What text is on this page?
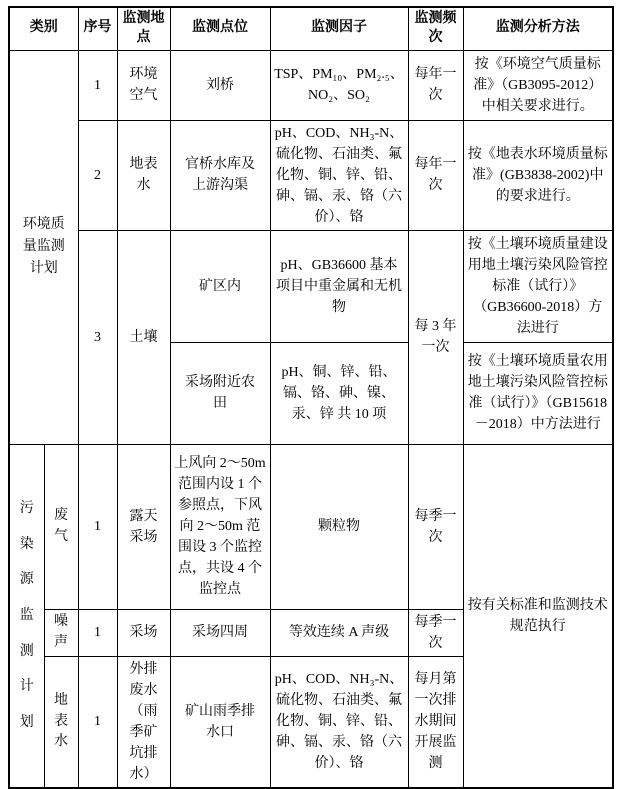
类别		序号	监测地点	监测点位	监测因子	监测频次	监测分析方法

环境质量监测计划		1	环境空气	刘桥	TSP、PM₁₀、PM₂.₅、NO₂、SO₂	每年一次	按《环境空气质量标准》（GB3095-2012）中相关要求进行。
		2	地表水	官桥水库及上游沟渠	pH、COD、NH₃-N、硫化物、石油类、氟化物、铜、锌、铅、砷、镉、汞、铬（六价）、铬	每年一次	按《地表水环境质量标准》(GB3838-2002)中的要求进行。
		3	土壤	矿区内	pH、GB36600 基本项目中重金属和无机物	每 3 年一次	按《土壤环境质量建设用地土壤污染风险管控标准（试行）》（GB36600-2018）方法进行

				采场附近农田	pH、铜、锌、铅、镉、铬、砷、镍、汞、锌 共 10 项		按《土壤环境质量农用地土壤污染风险管控标准（试行）》（GB15618－2018）中方法进行

污染源监测计划	废气	1	露天采场	上风向 2～50m 范围内设 1 个参照点，下风向 2～50m 范围设 3 个监控点，共设 4 个监控点	颗粒物	每季一次	按有关标准和监测技术规范执行

	噪声	1	采场	采场四周	等效连续 A 声级	每季一次	

	地表水	1	外排废水（雨季矿坑排水）	矿山雨季排水口	pH、COD、NH₃-N、硫化物、石油类、氟化物、铜、锌、铅、砷、镉、汞、铬（六价）、铬	每月第一次排水期间开展监测	
